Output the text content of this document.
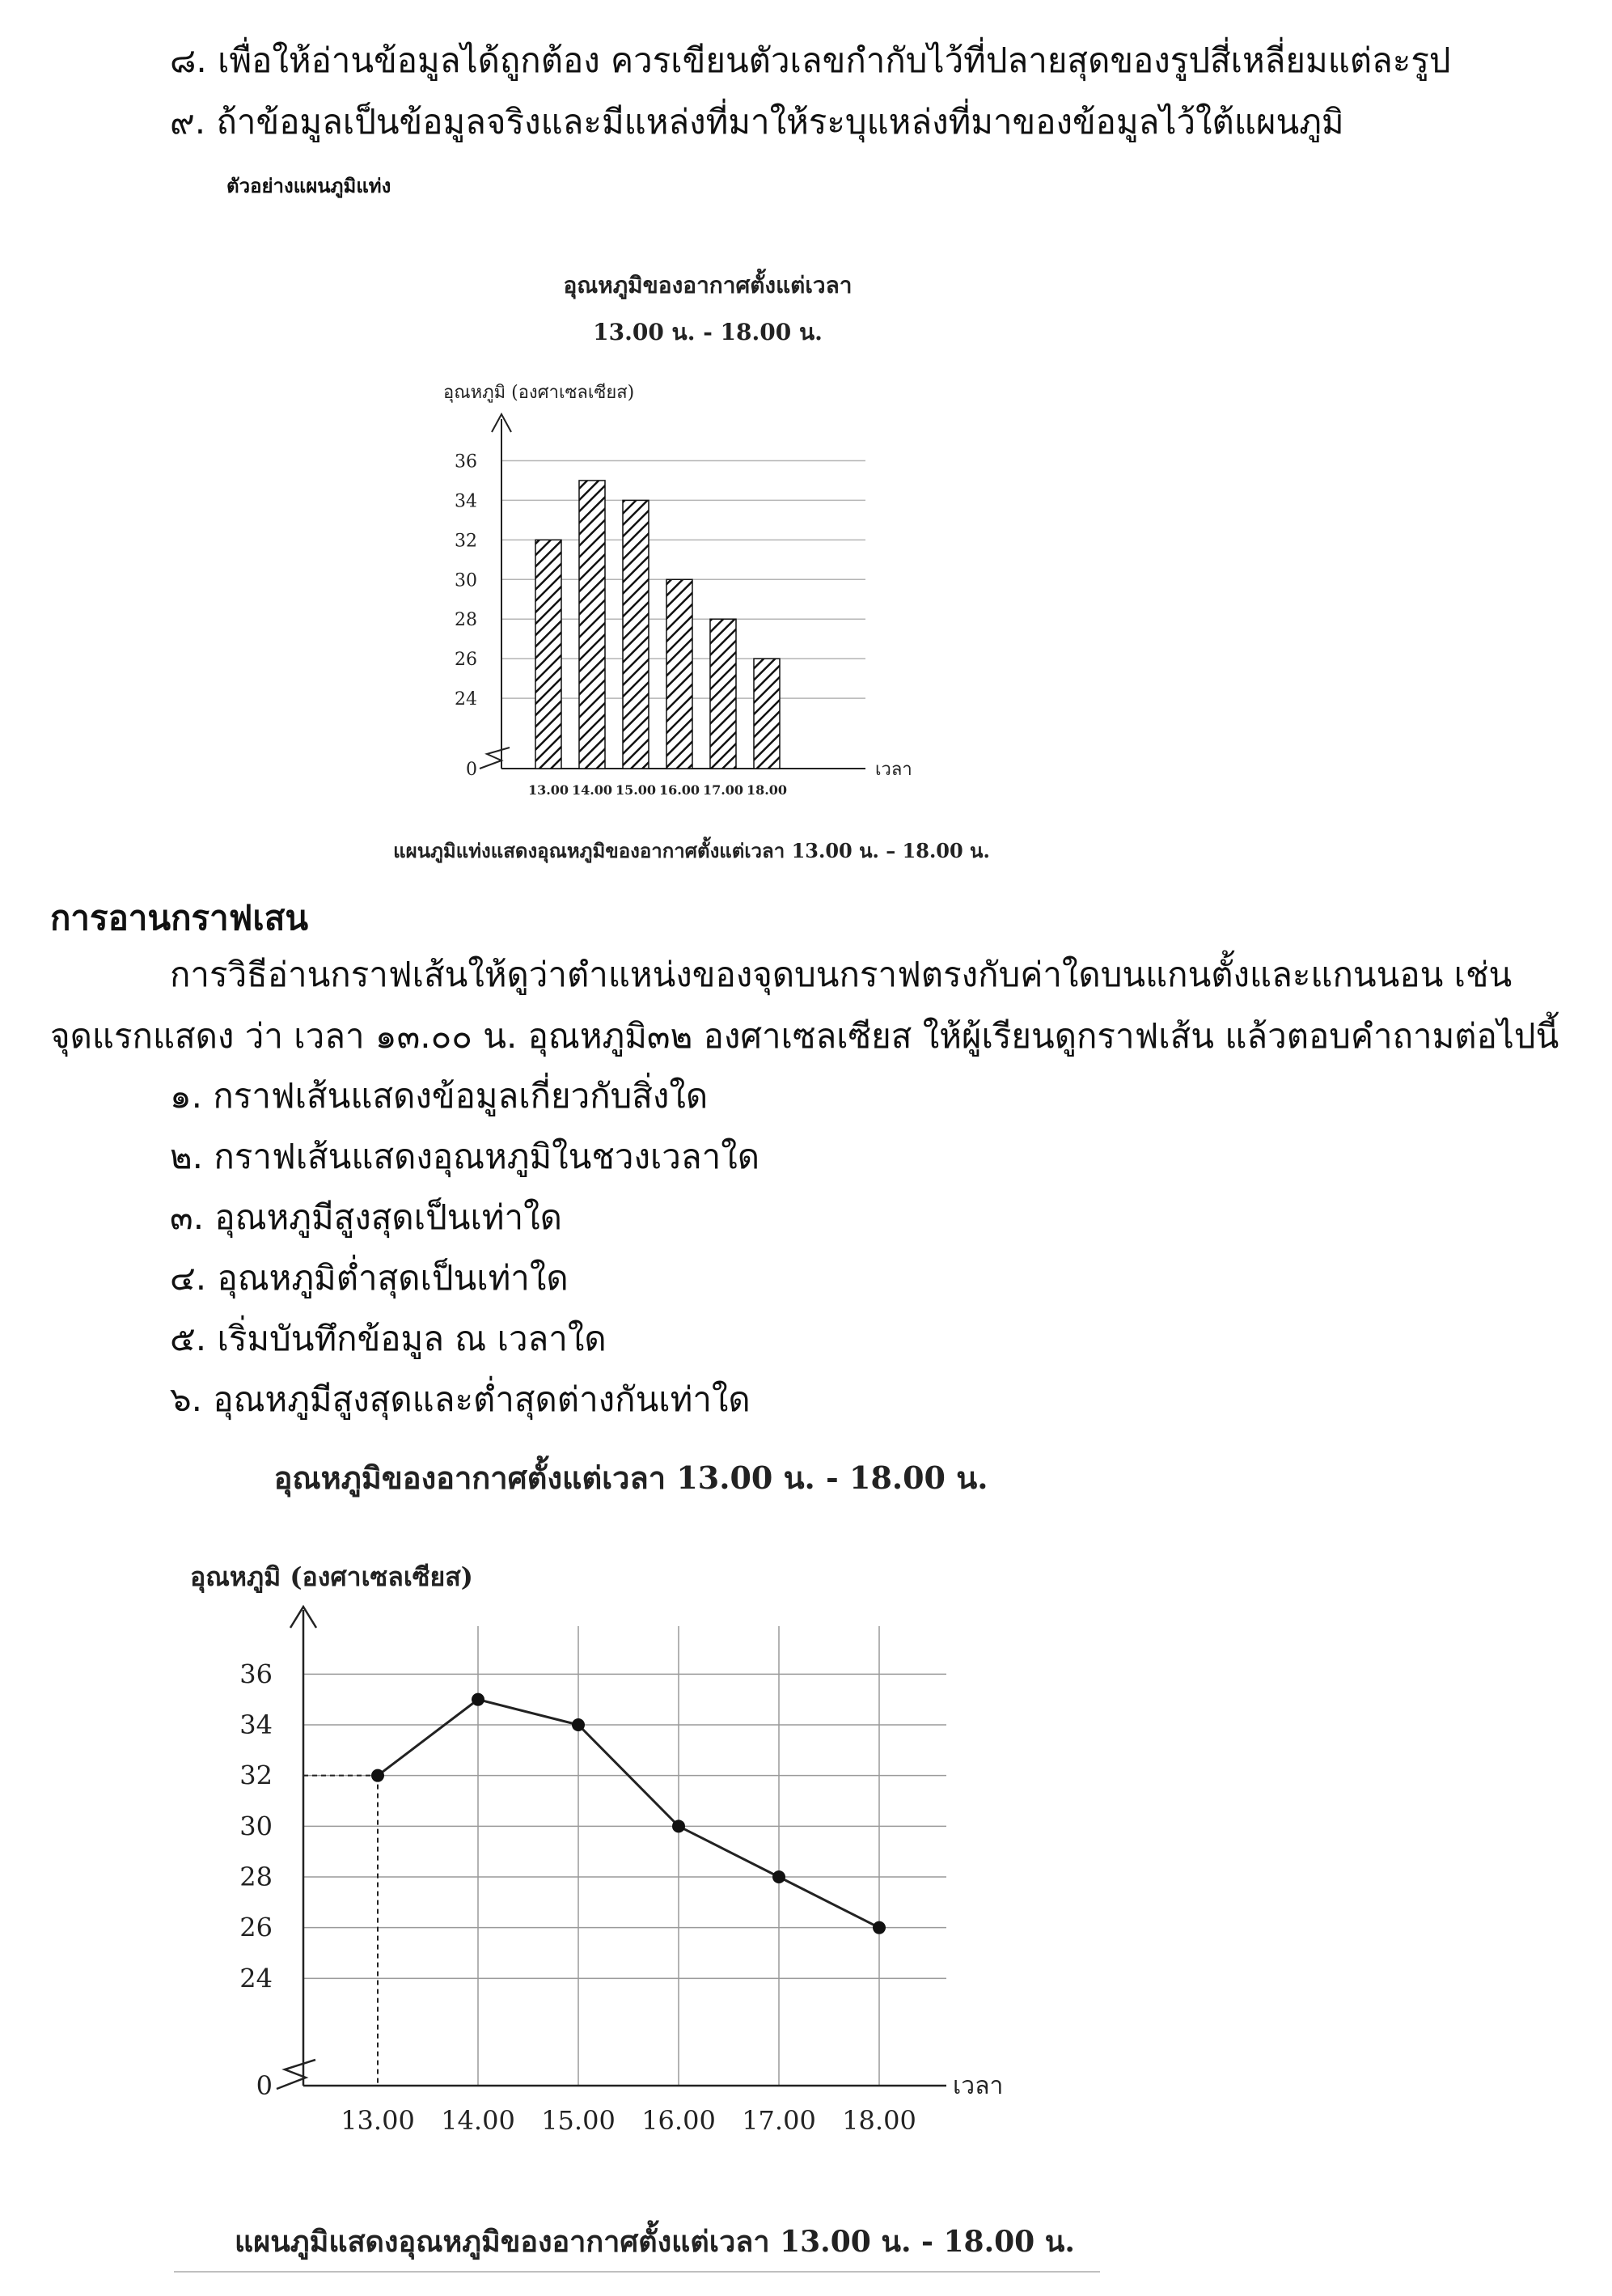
๘. เพื่อให้อ่านข้อมูลได้ถูกต้อง ควรเขียนตัวเลขกำกับไว้ที่ปลายสุดของรูปสี่เหลี่ยมแต่ละรูป
๙. ถ้าข้อมูลเป็นข้อมูลจริงและมีแหล่งที่มาให้ระบุแหล่งที่มาของข้อมูลไว้ใต้แผนภูมิ
ตัวอย่างแผนภูมิแท่ง
อุณหภูมิของอากาศตั้งแต่เวลา
13.00 น. - 18.00 น.
อุณหภูมิ (องศาเซลเซียส)
0
24
26
28
30
32
34
36
เวลา
13.00 14.00 15.00 16.00 17.00 18.00
แผนภูมิแท่งแสดงอุณหภูมิของอากาศตั้งแต่เวลา 13.00 น. – 18.00 น.
การอานกราฟเสน
การวิธีอ่านกราฟเส้นให้ดูว่าตำแหน่งของจุดบนกราฟตรงกับค่าใดบนแกนตั้งและแกนนอน เช่น
จุดแรกแสดง ว่า เวลา ๑๓.๐๐ น. อุณหภูมิ๓๒ องศาเซลเซียส ให้ผู้เรียนดูกราฟเส้น แล้วตอบคำถามต่อไปนี้
๑. กราฟเส้นแสดงข้อมูลเกี่ยวกับสิ่งใด
๒. กราฟเส้นแสดงอุณหภูมิในชวงเวลาใด
๓. อุณหภูมีสูงสุดเป็นเท่าใด
๔. อุณหภูมิต่ำสุดเป็นเท่าใด
๕. เริ่มบันทึกข้อมูล ณ เวลาใด
๖. อุณหภูมีสูงสุดและต่ำสุดต่างกันเท่าใด
อุณหภูมิของอากาศตั้งแต่เวลา 13.00 น. - 18.00 น.
อุณหภูมิ (องศาเซลเซียส)
0
24
26
28
30
32
34
36
13.00 14.00 15.00 16.00 17.00 18.00
เวลา
แผนภูมิแสดงอุณหภูมิของอากาศตั้งแต่เวลา 13.00 น. - 18.00 น.
